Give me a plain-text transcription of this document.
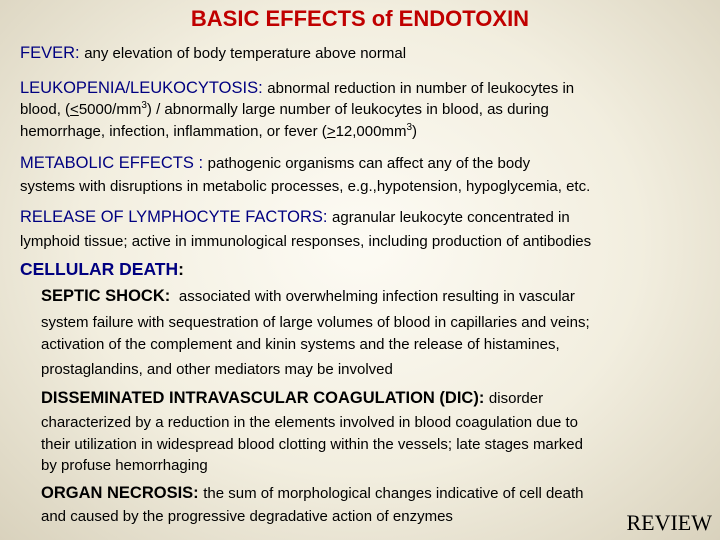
BASIC EFFECTS of ENDOTOXIN

FEVER: any elevation of body temperature above normal

LEUKOPENIA/LEUKOCYTOSIS: abnormal reduction in number of leukocytes in

blood, $(<5000/mm^3)$ / abnormally large number of leukocytes in blood, as during

hemorrhage, infection, inflammation, or fever $(>12,000mm^3)$

METABOLIC EFFECTS : pathogenic organisms can affect any of the body

systems with disruptions in metabolic processes, e.g.,hypotension, hypoglycemia, etc.

RELEASE OF LYMPHOCYTE FACTORS: agranular leukocyte concentrated in

lymphoid tissue; active in immunological responses, including production of antibodies

CELLULAR DEATH:

SEPTIC SHOCK: associated with overwhelming infection resulting in vascular

system failure with sequestration of large volumes of blood in capillaries and veins;

activation of the complement and kinin systems and the release of histamines,

prostaglandins, and other mediators may be involved

DISSEMINATED INTRAVASCULAR COAGULATION (DIC): disorder

characterized by a reduction in the elements involved in blood coagulation due to

their utilization in widespread blood clotting within the vessels; late stages marked

by profuse hemorrhaging

ORGAN NECROSIS: the sum of morphological changes indicative of cell death

and caused by the progressive degradative action of enzymes	REVIEW
